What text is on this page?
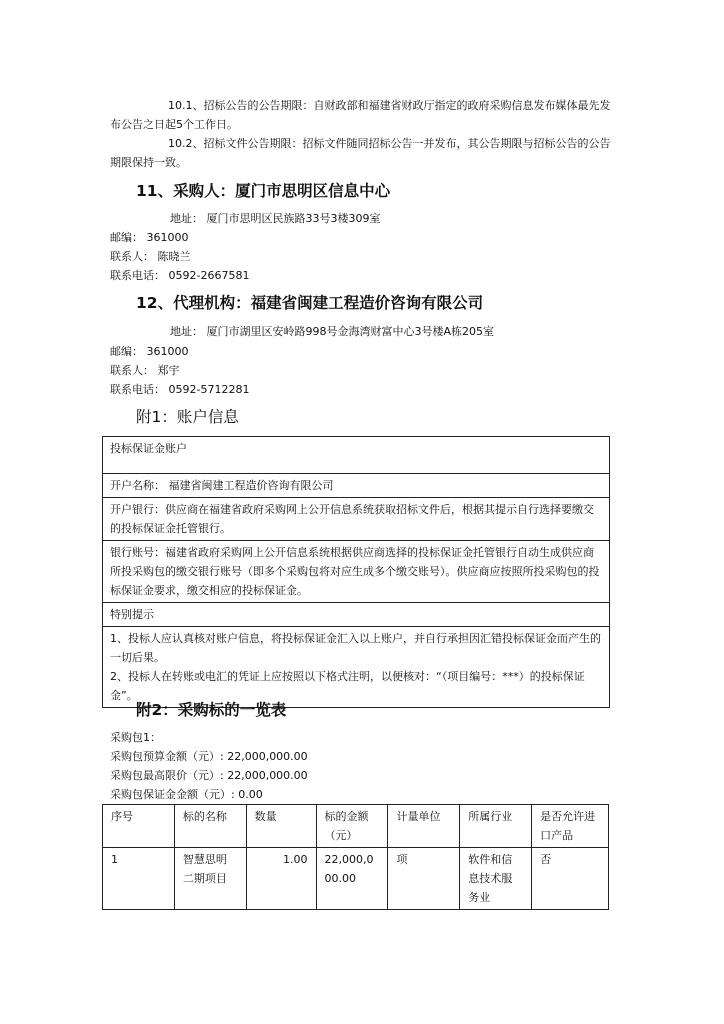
10.1、招标公告的公告期限：自财政部和福建省财政厅指定的政府采购信息发布媒体最先发布公告之日起5个工作日。

10.2、招标文件公告期限：招标文件随同招标公告一并发布，其公告期限与招标公告的公告期限保持一致。

11、采购人：厦门市思明区信息中心

地址： 厦门市思明区民族路33号3楼309室

邮编： 361000

联系人： 陈晓兰

联系电话： 0592-2667581

12、代理机构：福建省闽建工程造价咨询有限公司

地址： 厦门市湖里区安岭路998号金海湾财富中心3号楼A栋205室

邮编： 361000

联系人： 郑宇

联系电话： 0592-5712281

附1：账户信息
投标保证金账户
开户名称： 福建省闽建工程造价咨询有限公司
开户银行：供应商在福建省政府采购网上公开信息系统获取招标文件后，根据其提示自行选择要缴交的投标保证金托管银行。
银行账号：福建省政府采购网上公开信息系统根据供应商选择的投标保证金托管银行自动生成供应商所投采购包的缴交银行账号（即多个采购包将对应生成多个缴交账号）。供应商应按照所投采购包的投标保证金要求，缴交相应的投标保证金。
特别提示
1、投标人应认真核对账户信息，将投标保证金汇入以上账户，并自行承担因汇错投标保证金而产生的一切后果。
2、投标人在转账或电汇的凭证上应按照以下格式注明，以便核对：“（项目编号：***）的投标保证金”。
附2：采购标的一览表

采购包1：

采购包预算金额（元）: 22,000,000.00

采购包最高限价（元）: 22,000,000.00

采购包保证金金额（元）: 0.00

序号	标的名称	数量	标的金额（元）	计量单位	所属行业	是否允许进口产品
1	智慧思明二期项目	1.00	22,000,000.00	项	软件和信息技术服务业	否
